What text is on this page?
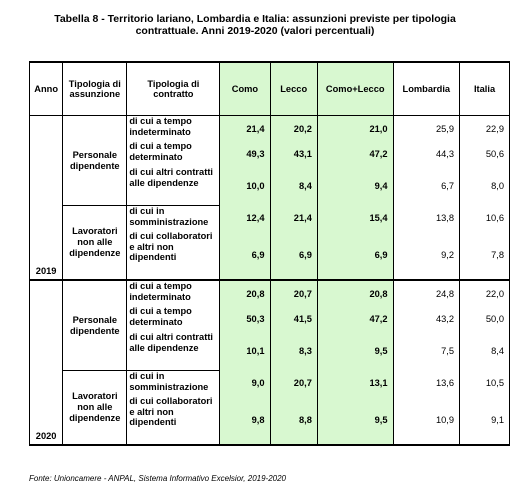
Tabella 8 - Territorio lariano, Lombardia e Italia: assunzioni previste per tipologia
contrattuale. Anni 2019-2020 (valori percentuali)
Anno	Tipologia di assunzione	Tipologia di contratto	Como	Lecco	Como+Lecco	Lombardia	Italia
2019	Personale dipendente	di cui a tempo indeterminato	21,4	20,2	21,0	25,9	22,9
		di cui a tempo determinato	49,3	43,1	47,2	44,3	50,6
		di cui altri contratti alle dipendenze	10,0	8,4	9,4	6,7	8,0
	Lavoratori non alle dipendenze	di cui in somministrazione	12,4	21,4	15,4	13,8	10,6
		di cui collaboratori e altri non dipendenti	6,9	6,9	6,9	9,2	7,8
2020	Personale dipendente	di cui a tempo indeterminato	20,8	20,7	20,8	24,8	22,0
		di cui a tempo determinato	50,3	41,5	47,2	43,2	50,0
		di cui altri contratti alle dipendenze	10,1	8,3	9,5	7,5	8,4
	Lavoratori non alle dipendenze	di cui in somministrazione	9,0	20,7	13,1	13,6	10,5
		di cui collaboratori e altri non dipendenti	9,8	8,8	9,5	10,9	9,1
Fonte: Unioncamere - ANPAL, Sistema Informativo Excelsior, 2019-2020
